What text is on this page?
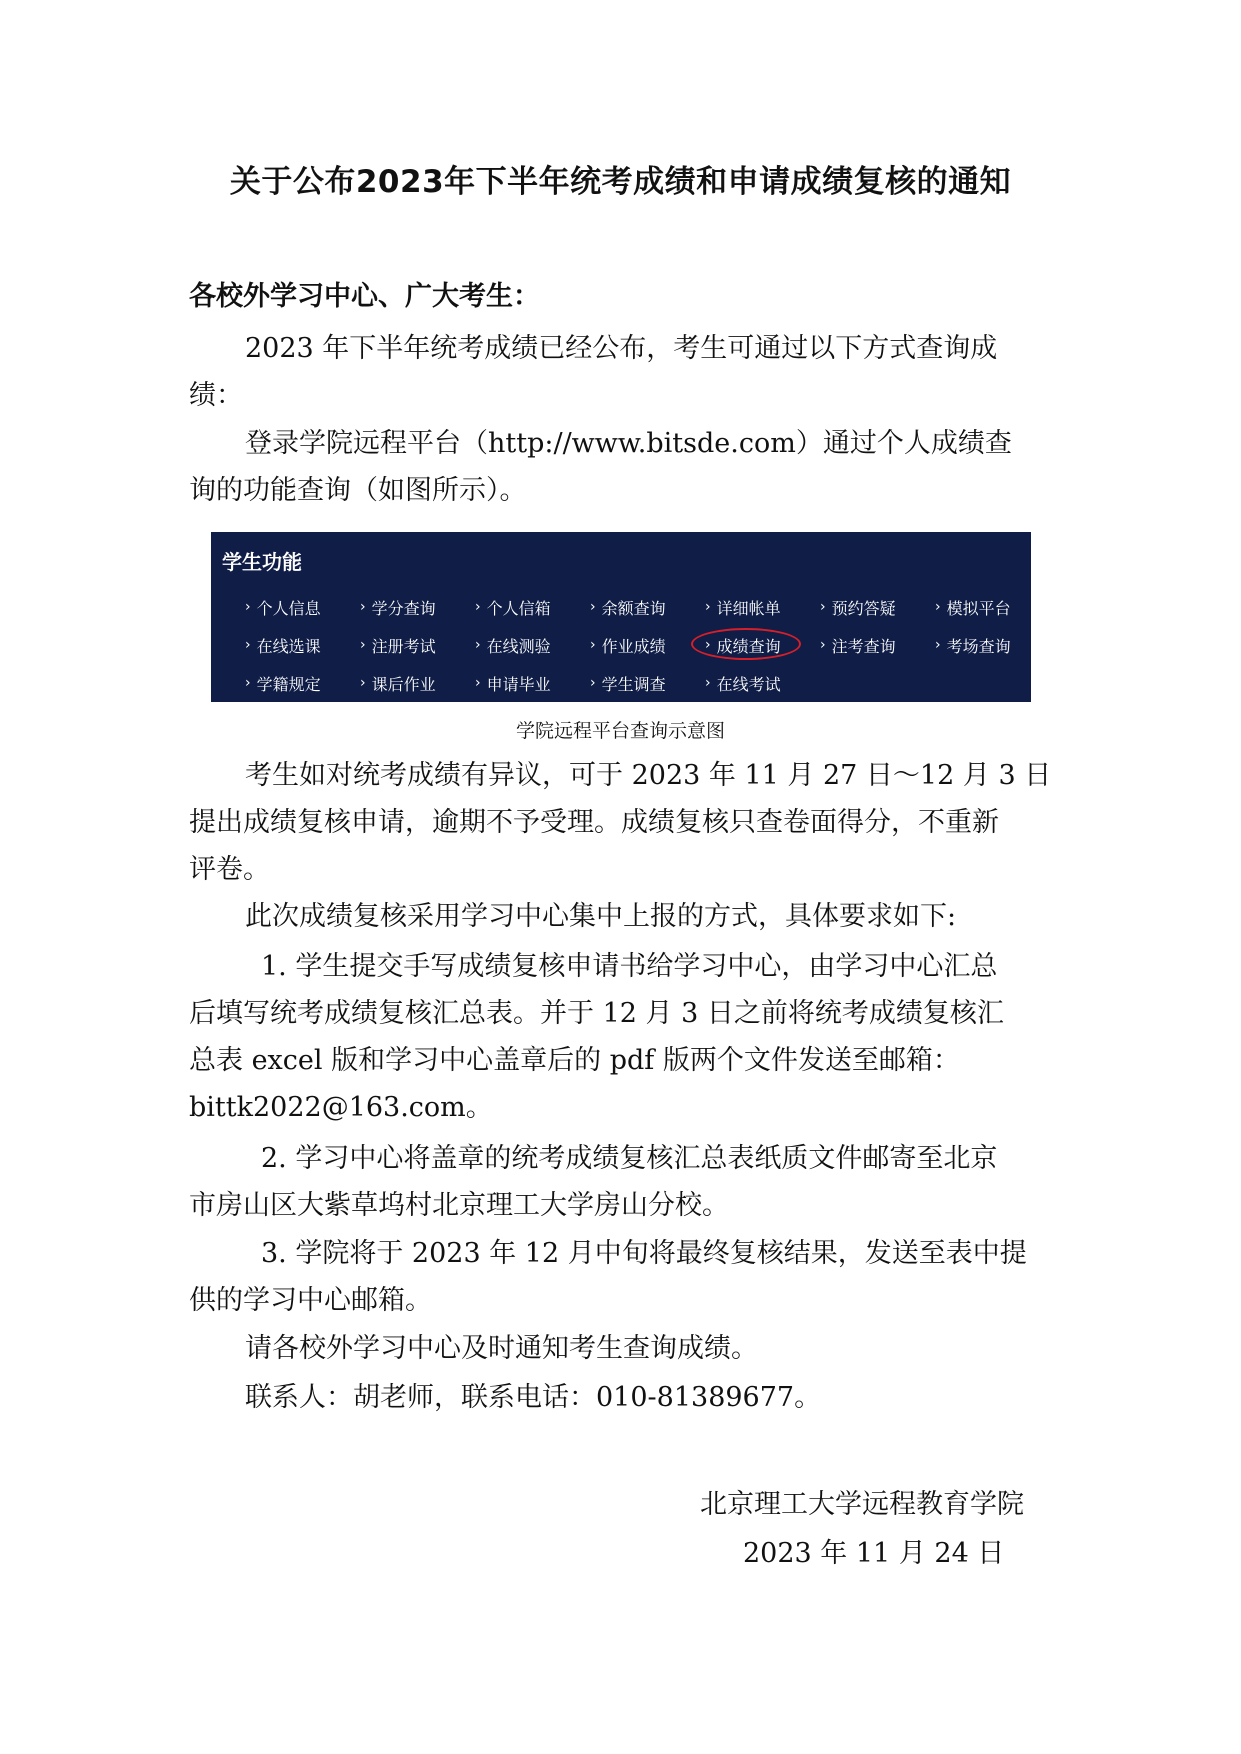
关于公布2023年下半年统考成绩和申请成绩复核的通知
各校外学习中心、广大考生：
2023 年下半年统考成绩已经公布，考生可通过以下方式查询成
绩：
登录学院远程平台（http://www.bitsde.com）通过个人成绩查
询的功能查询（如图所示）。
学生功能
› 个人信息	› 学分查询	› 个人信箱	› 余额查询	› 详细帐单	› 预约答疑	› 模拟平台
› 在线选课	› 注册考试	› 在线测验	› 作业成绩	› 成绩查询	› 注考查询	› 考场查询
› 学籍规定	› 课后作业	› 申请毕业	› 学生调查	› 在线考试
学院远程平台查询示意图
考生如对统考成绩有异议，可于 2023 年 11 月 27 日～12 月 3 日
提出成绩复核申请，逾期不予受理。成绩复核只查卷面得分，不重新
评卷。
此次成绩复核采用学习中心集中上报的方式，具体要求如下:
1. 学生提交手写成绩复核申请书给学习中心，由学习中心汇总
后填写统考成绩复核汇总表。并于 12 月 3 日之前将统考成绩复核汇
总表 excel 版和学习中心盖章后的 pdf 版两个文件发送至邮箱：
bittk2022@163.com。
2. 学习中心将盖章的统考成绩复核汇总表纸质文件邮寄至北京
市房山区大紫草坞村北京理工大学房山分校。
3. 学院将于 2023 年 12 月中旬将最终复核结果，发送至表中提
供的学习中心邮箱。
请各校外学习中心及时通知考生查询成绩。
联系人：胡老师，联系电话：010-81389677。
北京理工大学远程教育学院
2023 年 11 月 24 日
